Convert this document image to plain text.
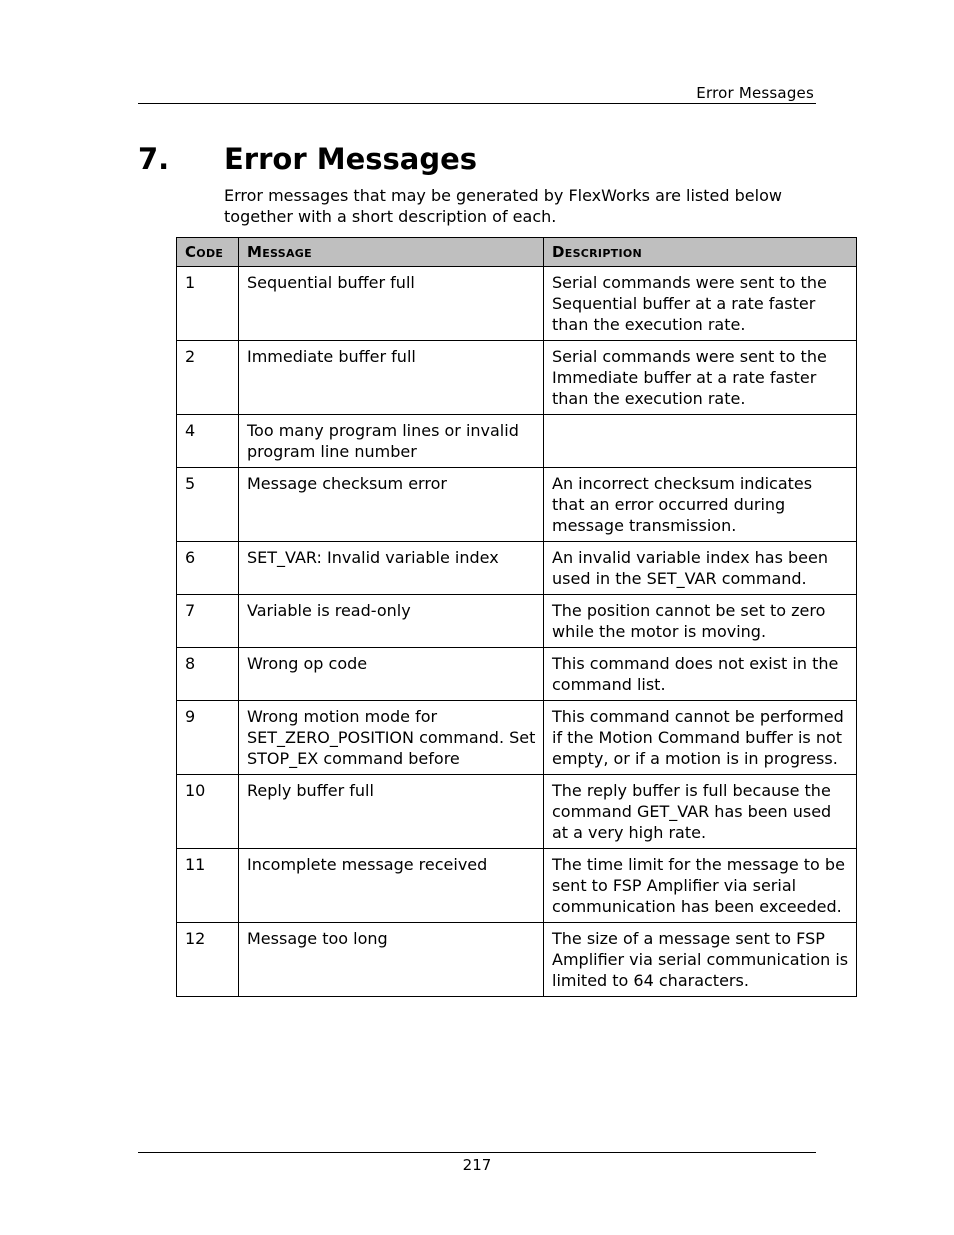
Error Messages
7. Error Messages
Error messages that may be generated by FlexWorks are listed below together with a short description of each.
Code	Message	Description
1	Sequential buffer full	Serial commands were sent to the Sequential buffer at a rate faster than the execution rate.
2	Immediate buffer full	Serial commands were sent to the Immediate buffer at a rate faster than the execution rate.
4	Too many program lines or invalid program line number	
5	Message checksum error	An incorrect checksum indicates that an error occurred during message transmission.
6	SET_VAR: Invalid variable index	An invalid variable index has been used in the SET_VAR command.
7	Variable is read-only	The position cannot be set to zero while the motor is moving.
8	Wrong op code	This command does not exist in the command list.
9	Wrong motion mode for SET_ZERO_POSITION command. Set STOP_EX command before	This command cannot be performed if the Motion Command buffer is not empty, or if a motion is in progress.
10	Reply buffer full	The reply buffer is full because the command GET_VAR has been used at a very high rate.
11	Incomplete message received	The time limit for the message to be sent to FSP Amplifier via serial communication has been exceeded.
12	Message too long	The size of a message sent to FSP Amplifier via serial communication is limited to 64 characters.
217
